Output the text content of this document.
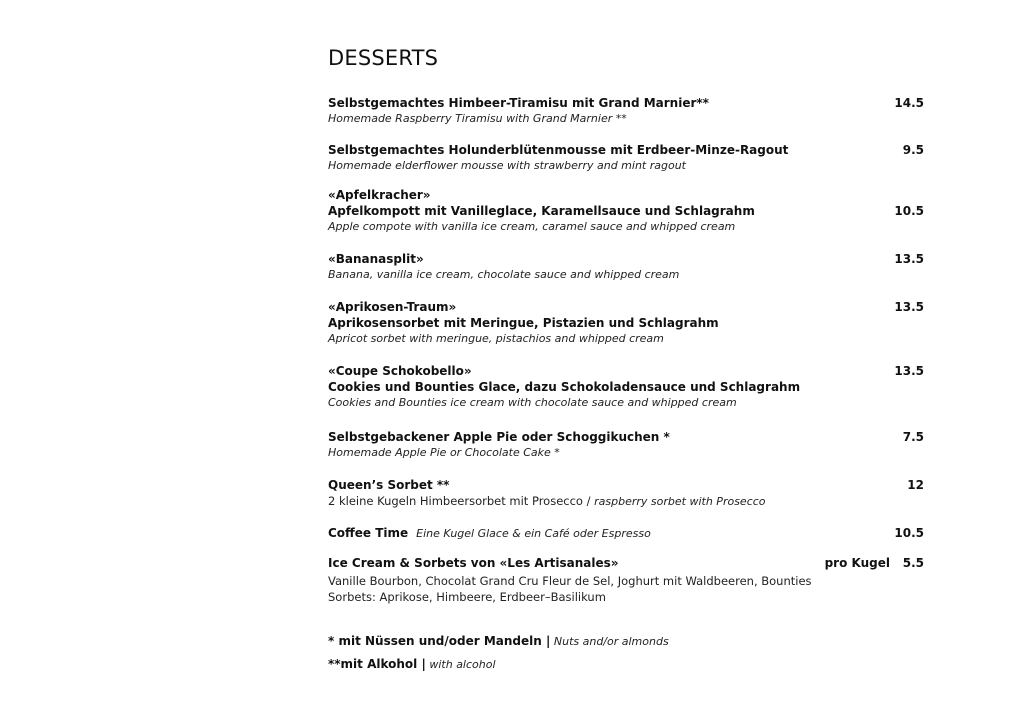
DESSERTS
Selbstgemachtes Himbeer-Tiramisu mit Grand Marnier**	14.5
Homemade Raspberry Tiramisu with Grand Marnier **
Selbstgemachtes Holunderblütenmousse mit Erdbeer-Minze-Ragout	9.5
Homemade elderflower mousse with strawberry and mint ragout
«Apfelkracher»
Apfelkompott mit Vanilleglace, Karamellsauce und Schlagrahm	10.5
Apple compote with vanilla ice cream, caramel sauce and whipped cream
«Bananasplit»	13.5
Banana, vanilla ice cream, chocolate sauce and whipped cream
«Aprikosen-Traum»	13.5
Aprikosensorbet mit Meringue, Pistazien und Schlagrahm
Apricot sorbet with meringue, pistachios and whipped cream
«Coupe Schokobello»	13.5
Cookies und Bounties Glace, dazu Schokoladensauce und Schlagrahm
Cookies and Bounties ice cream with chocolate sauce and whipped cream
Selbstgebackener Apple Pie oder Schoggikuchen *	7.5
Homemade Apple Pie or Chocolate Cake *
Queen’s Sorbet **	12
2 kleine Kugeln Himbeersorbet mit Prosecco / raspberry sorbet with Prosecco
Coffee Time Eine Kugel Glace & ein Café oder Espresso	10.5
Ice Cream & Sorbets von «Les Artisanales»	pro Kugel 5.5
Vanille Bourbon, Chocolat Grand Cru Fleur de Sel, Joghurt mit Waldbeeren, Bounties
Sorbets: Aprikose, Himbeere, Erdbeer–Basilikum
* mit Nüssen und/oder Mandeln | Nuts and/or almonds
**mit Alkohol | with alcohol
